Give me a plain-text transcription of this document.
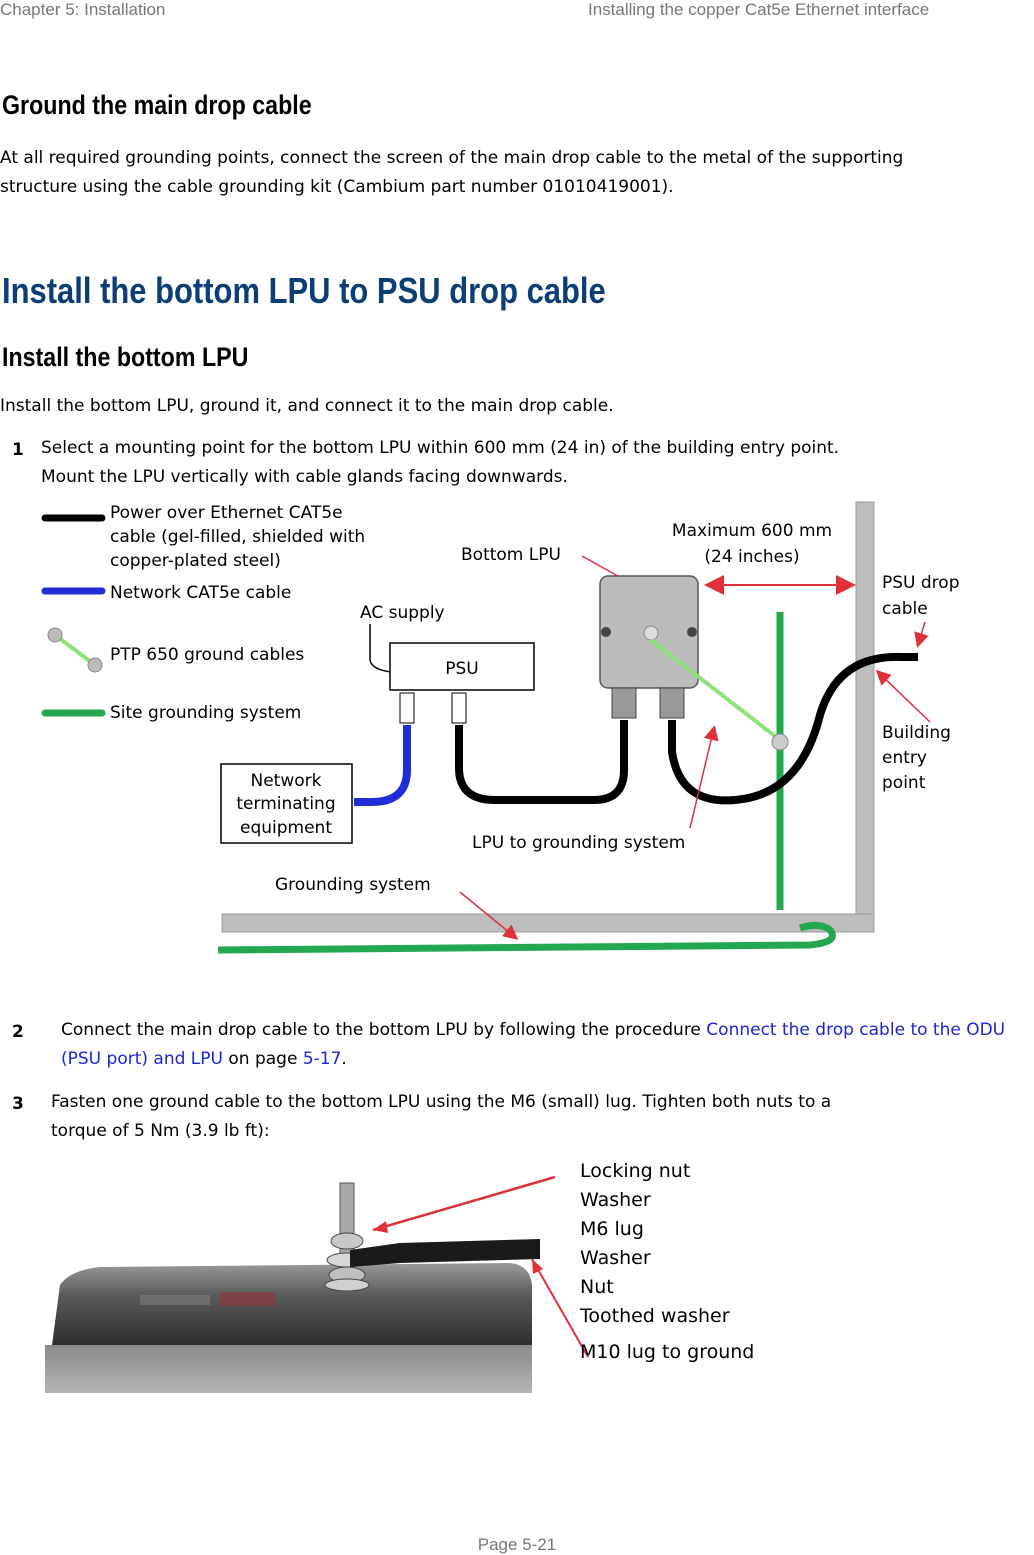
Chapter 5: Installation	Installing the copper Cat5e Ethernet interface
Ground the main drop cable
At all required grounding points, connect the screen of the main drop cable to the metal of the supporting structure using the cable grounding kit (Cambium part number 01010419001).
Install the bottom LPU to PSU drop cable
Install the bottom LPU
Install the bottom LPU, ground it, and connect it to the main drop cable.
1 Select a mounting point for the bottom LPU within 600 mm (24 in) of the building entry point.
Mount the LPU vertically with cable glands facing downwards.
Power over Ethernet CAT5e
cable (gel-filled, shielded with
copper-plated steel)
Network CAT5e cable
PTP 650 ground cables
Site grounding system
AC supply
PSU
Network
terminating
equipment
Bottom LPU
Maximum 600 mm
(24 inches)
PSU drop
cable
Building
entry
point
LPU to grounding system
Grounding system
2 Connect the main drop cable to the bottom LPU by following the procedure Connect the drop cable to the ODU (PSU port) and LPU on page 5-17.
3 Fasten one ground cable to the bottom LPU using the M6 (small) lug. Tighten both nuts to a
torque of 5 Nm (3.9 lb ft):
Locking nut
Washer
M6 lug
Washer
Nut
Toothed washer
M10 lug to ground
Page 5-21
